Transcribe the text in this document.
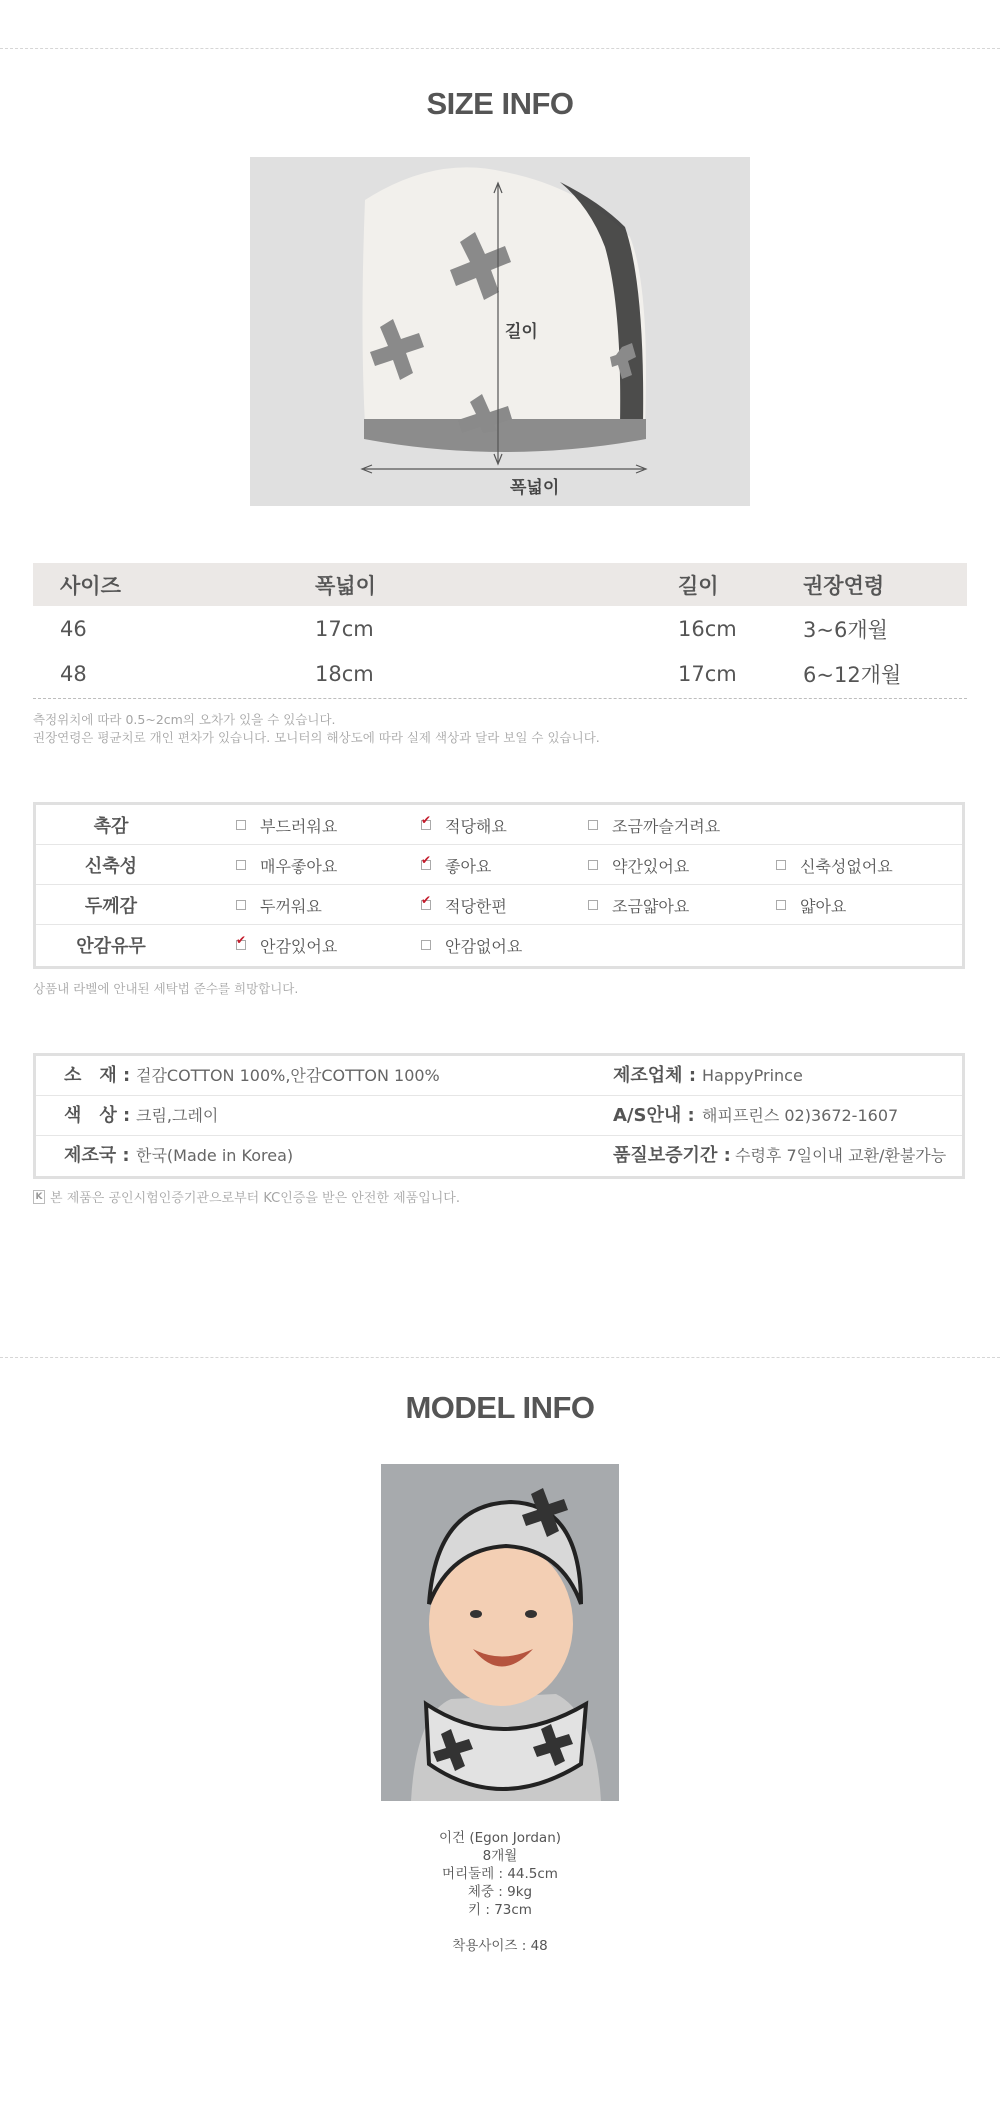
SIZE INFO
길이
폭넓이
사이즈	폭넓이	길이	권장연령
46	17cm	16cm	3~6개월
48	18cm	17cm	6~12개월
측정위치에 따라 0.5~2cm의 오차가 있을 수 있습니다.
권장연령은 평균치로 개인 편차가 있습니다. 모니터의 해상도에 따라 실제 색상과 달라 보일 수 있습니다.
촉감	부드러워요 ✔	적당해요	조금까슬거려요
신축성	매우좋아요 ✔	좋아요	약간있어요	신축성없어요
두께감	두꺼워요 ✔	적당한편	조금얇아요	얇아요
안감유무 ✔	안감있어요	안감없어요
상품내 라벨에 안내된 세탁법 준수를 희망합니다.
소　재 : 겉감COTTON 100%,안감COTTON 100%	제조업체 : HappyPrince
색　상 : 크림,그레이	A/S안내 : 해피프린스 02)3672-1607
제조국 : 한국(Made in Korea)	품질보증기간 : 수령후 7일이내 교환/환불가능
K 본 제품은 공인시험인증기관으로부터 KC인증을 받은 안전한 제품입니다.
MODEL INFO
이건 (Egon Jordan)
8개월
머리둘레 : 44.5cm
체중 : 9kg
키 : 73cm
착용사이즈 : 48
